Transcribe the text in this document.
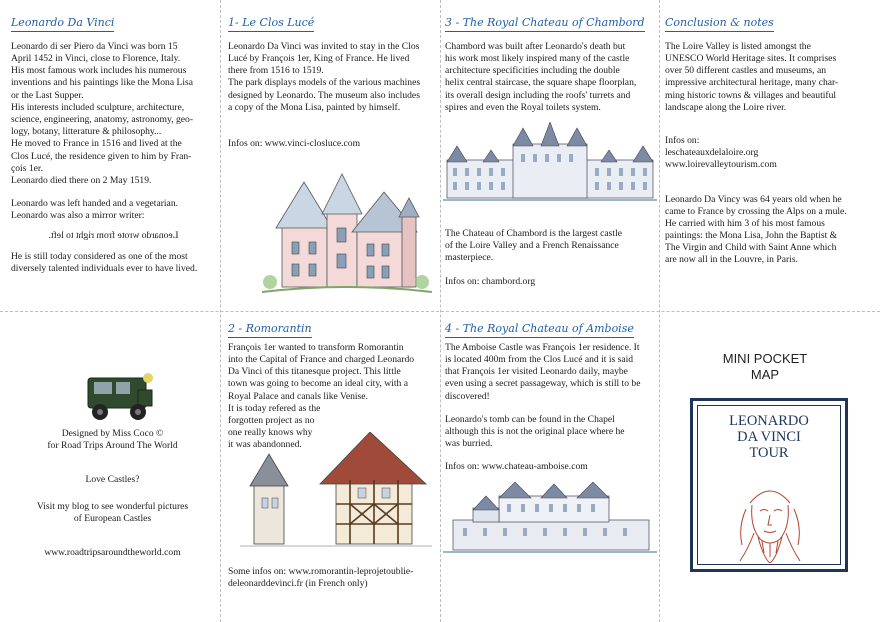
Leonardo Da Vinci

Leonardo di ser Piero da Vinci was born 15

April 1452 in Vinci, close to Florence, Italy.

His most famous work includes his numerous

inventions and his paintings like the Mona Lisa

or the Last Supper.

His interests included sculpture, architecture,

science, engineering, anatomy, astronomy, geo-

logy, botany, litterature & philosophy...

He moved to France in 1516 and lived at the

Clos Lucé, the residence given to him by Fran-

çois 1er.

Leonardo died there on 2 May 1519.

Leonardo was left handed and a vegetarian.

Leonardo was also a mirror writer:

Leonardo wrote from right to left.

He is still today considered as one of the most

diversely talented individuals ever to have lived.

1- Le Clos Lucé

Leonardo Da Vinci was invited to stay in the Clos

Lucé by François 1er, King of France. He lived

there from 1516 to 1519.

The park displays models of the various machines

designed by Leonardo. The museum also includes

a copy of the Mona Lisa, painted by himself.

Infos on: www.vinci-closluce.com

3 - The Royal Chateau of Chambord

Chambord was built after Leonardo's death but

his work most likely inspired many of the castle

architecture specificities including the double

helix central staircase, the square shape floorplan,

its overall design including the roofs' turrets and

spires and even the Royal toilets system.

The Chateau of Chambord is the largest castle

of the Loire Valley and a French Renaissance

masterpiece.

Infos on: chambord.org

Conclusion & notes

The Loire Valley is listed amongst the

UNESCO World Heritage sites. It comprises

over 50 different castles and museums, an

impressive architectural heritage, many char-

ming historic towns & villages and beautiful

landscape along the Loire river.

Infos on:

leschateauxdelaloire.org

www.loirevalleytourism.com

Leonardo Da Vincy was 64 years old when he

came to France by crossing the Alps on a mule.

He carried with him 3 of his most famous

paintings: the Mona Lisa, John the Baptist &

The Virgin and Child with Saint Anne which

are now all in the Louvre, in Paris.

Designed by Miss Coco ©

for Road Trips Around The World

Love Castles?

Visit my blog to see wonderful pictures

of European Castles

www.roadtripsaroundtheworld.com

2 - Romorantin

François 1er wanted to transform Romorantin

into the Capital of France and charged Leonardo

Da Vinci of this titanesque project. This little

town was going to become an ideal city, with a

Royal Palace and canals like Venise.

It is today refered as the

forgotten project as no

one really knows why

it was abandonned.

Some infos on: www.romorantin-leprojetoublie-

deleonarddevinci.fr (in French only)

4 - The Royal Chateau of Amboise

The Amboise Castle was François 1er residence. It

is located 400m from the Clos Lucé and it is said

that François 1er visited Leonardo daily, maybe

even using a secret passageway, which is still to be

discovered!

Leonardo's tomb can be found in the Chapel

although this is not the original place where he

was burried.

Infos on: www.chateau-amboise.com

MINI POCKET
MAP
LEONARDO
DA VINCI
TOUR
